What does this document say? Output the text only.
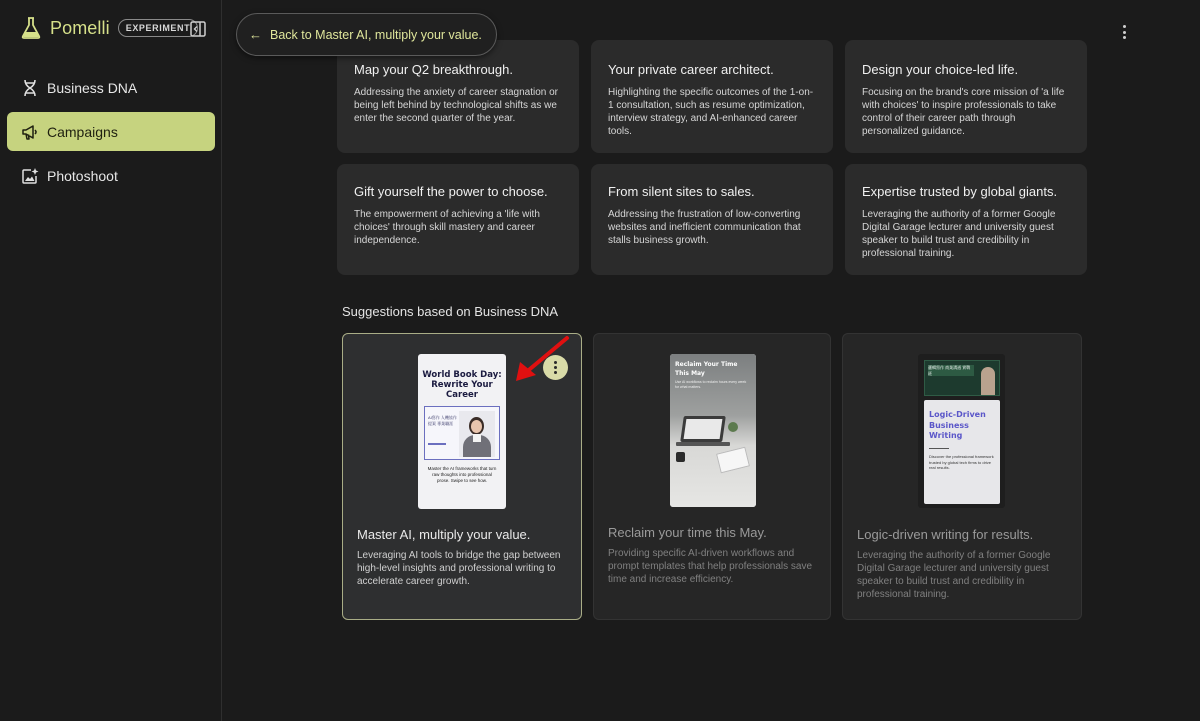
Pomelli	EXPERIMENT
Business DNA
Campaigns
Photoshoot
← Back to Master AI, multiply your value.
Map your Q2 breakthrough.

Addressing the anxiety of career stagnation or being left behind by technological shifts as we enter the second quarter of the year.

Your private career architect.

Highlighting the specific outcomes of the 1-on-1 consultation, such as resume optimization, interview strategy, and AI-enhanced career tools.

Design your choice-led life.

Focusing on the brand's core mission of 'a life with choices' to inspire professionals to take control of their career path through personalized guidance.

Gift yourself the power to choose.

The empowerment of achieving a 'life with choices' through skill mastery and career independence.

From silent sites to sales.

Addressing the frustration of low-converting websites and inefficient communication that stalls business growth.

Expertise trusted by global giants.

Leveraging the authority of a former Google Digital Garage lecturer and university guest speaker to build trust and credibility in professional training.

Suggestions based on Business DNA
World Book Day: Rewrite Your Career
AI寫作 人機協作 提案 專業職涯
Master the AI frameworks that turn raw thoughts into professional prose. Swipe to see how.
Master AI, multiply your value.

Leveraging AI tools to bridge the gap between high-level insights and professional writing to accelerate career growth.

Reclaim Your Time This May
Use AI workflows to reclaim hours every week for what matters.
Reclaim your time this May.

Providing specific AI-driven workflows and prompt templates that help professionals save time and increase efficiency.

邏輯寫作 商業溝通 實戰班
Logic-Driven Business Writing
Discover the professional framework trusted by global tech firms to drive real results.
Logic-driven writing for results.

Leveraging the authority of a former Google Digital Garage lecturer and university guest speaker to build trust and credibility in professional training.
